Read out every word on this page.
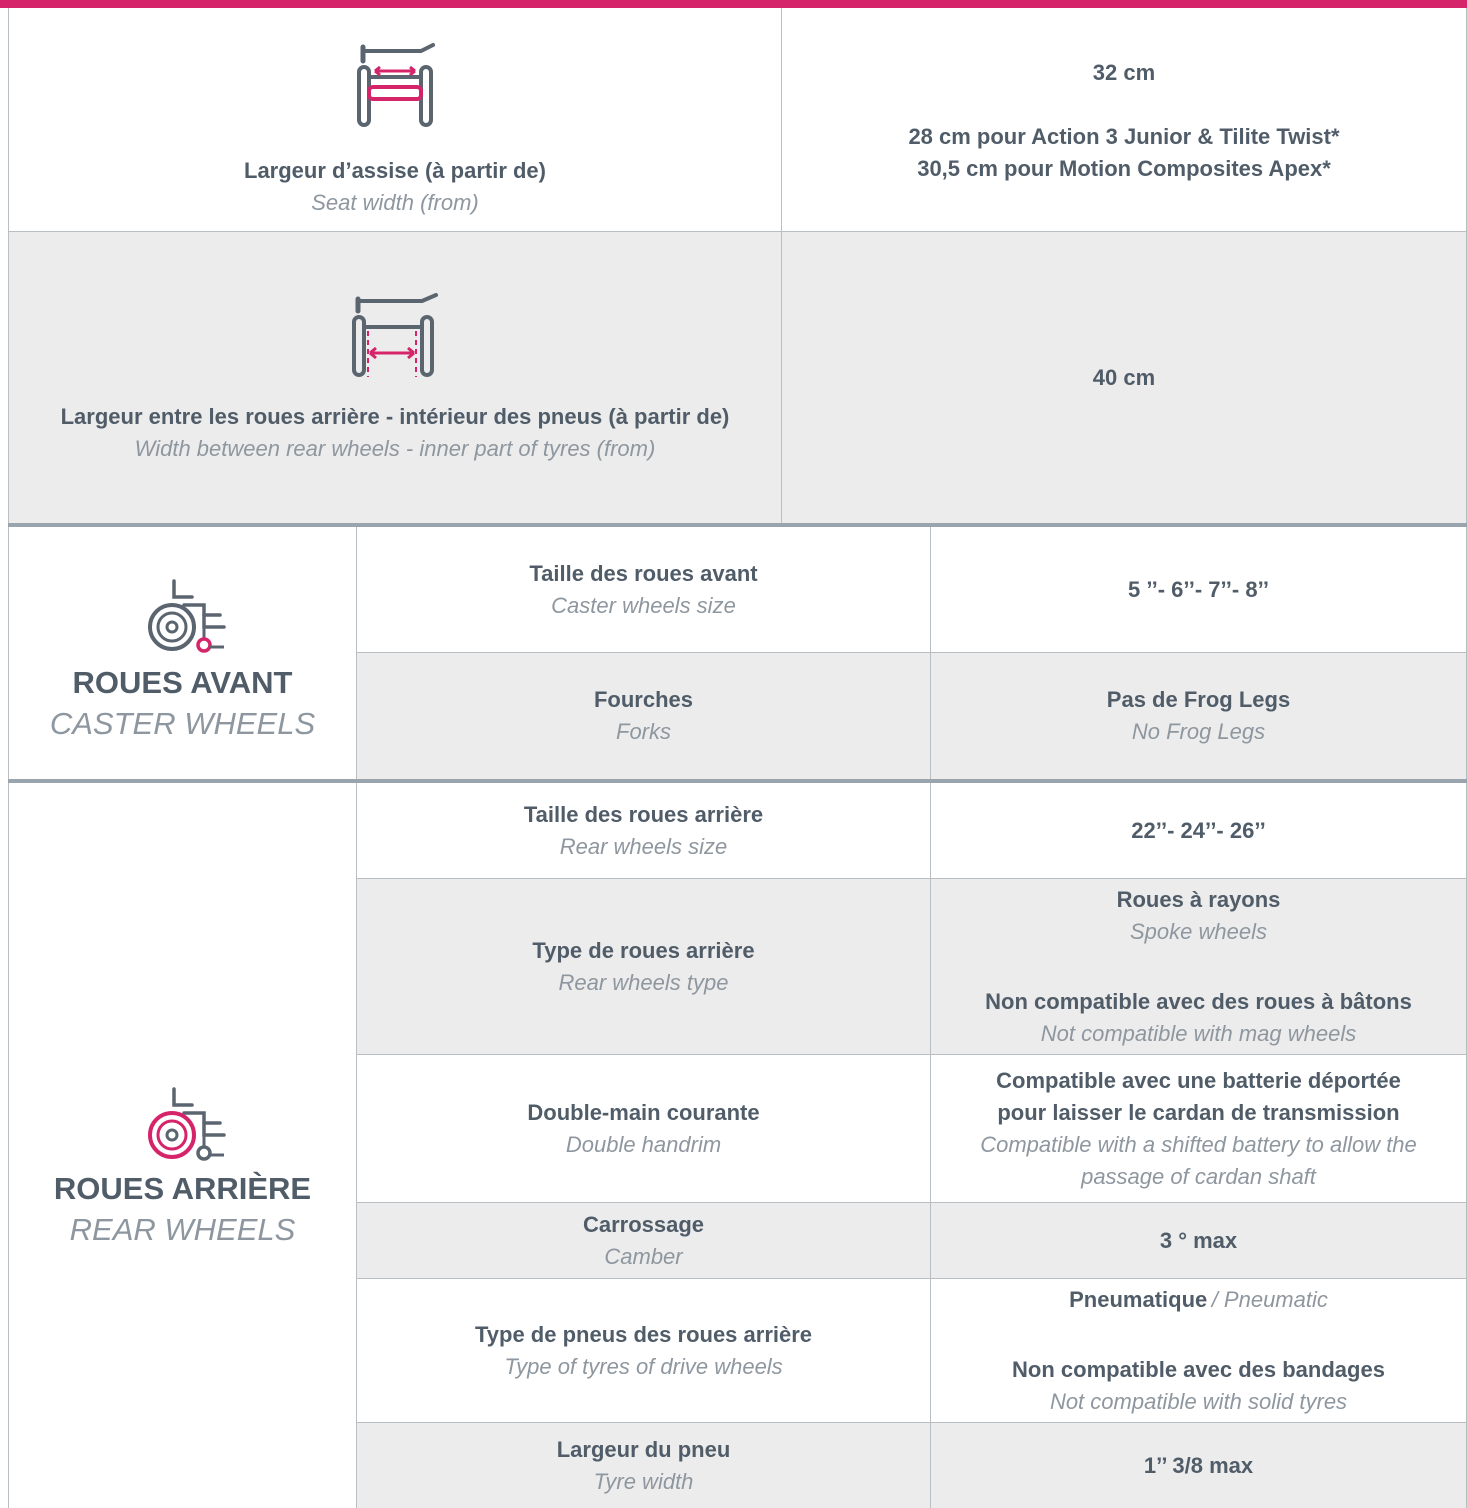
Largeur d’assise (à partir de)
Seat width (from)
32 cm
28 cm pour Action 3 Junior & Tilite Twist*
30,5 cm pour Motion Composites Apex*
Largeur entre les roues arrière - intérieur des pneus (à partir de)
Width between rear wheels - inner part of tyres (from)
40 cm
ROUES AVANT
CASTER WHEELS
Taille des roues avant
Caster wheels size
5 ’’- 6’’- 7’’- 8’’
Fourches
Forks
Pas de Frog Legs
No Frog Legs
ROUES ARRIÈRE
REAR WHEELS
Taille des roues arrière
Rear wheels size
22’’- 24’’- 26’’
Type de roues arrière
Rear wheels type
Roues à rayons
Spoke wheels
Non compatible avec des roues à bâtons
Not compatible with mag wheels
Double-main courante
Double handrim
Compatible avec une batterie déportée
pour laisser le cardan de transmission
Compatible with a shifted battery to allow the
passage of cardan shaft
Carrossage
Camber
3 ° max
Type de pneus des roues arrière
Type of tyres of drive wheels
Pneumatique / Pneumatic
Non compatible avec des bandages
Not compatible with solid tyres
Largeur du pneu
Tyre width
1’’ 3/8 max
